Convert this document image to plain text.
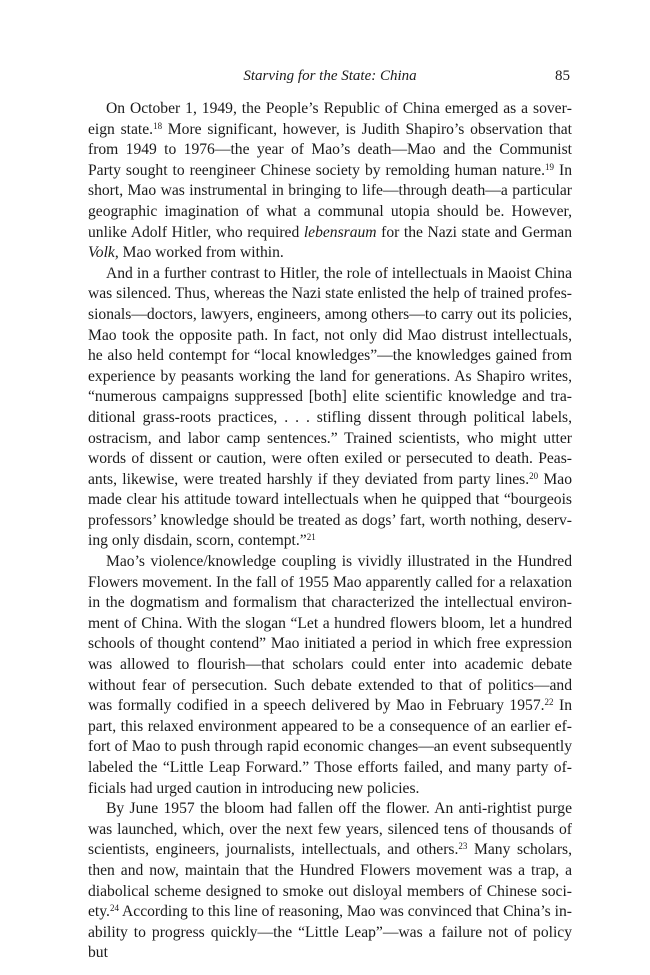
Starving for the State: China	85

On October 1, 1949, the People’s Republic of China emerged as a sovereign state.$^{18}$ More significant, however, is Judith Shapiro’s observation that from 1949 to 1976—the year of Mao’s death—Mao and the Communist Party sought to reengineer Chinese society by remolding human nature.$^{19}$ In short, Mao was instrumental in bringing to life—through death—a particular geographic imagination of what a communal utopia should be. However, unlike Adolf Hitler, who required lebensraum for the Nazi state and German Volk, Mao worked from within.

And in a further contrast to Hitler, the role of intellectuals in Maoist China was silenced. Thus, whereas the Nazi state enlisted the help of trained professionals—doctors, lawyers, engineers, among others—to carry out its policies, Mao took the opposite path. In fact, not only did Mao distrust intellectuals, he also held contempt for “local knowledges”—the knowledges gained from experience by peasants working the land for generations. As Shapiro writes, “numerous campaigns suppressed [both] elite scientific knowledge and traditional grass-roots practices, . . . stifling dissent through political labels, ostracism, and labor camp sentences.” Trained scientists, who might utter words of dissent or caution, were often exiled or persecuted to death. Peasants, likewise, were treated harshly if they deviated from party lines.$^{20}$ Mao made clear his attitude toward intellectuals when he quipped that “bourgeois professors’ knowledge should be treated as dogs’ fart, worth nothing, deserving only disdain, scorn, contempt.”$^{21}$

Mao’s violence/knowledge coupling is vividly illustrated in the Hundred Flowers movement. In the fall of 1955 Mao apparently called for a relaxation in the dogmatism and formalism that characterized the intellectual environment of China. With the slogan “Let a hundred flowers bloom, let a hundred schools of thought contend” Mao initiated a period in which free expression was allowed to flourish—that scholars could enter into academic debate without fear of persecution. Such debate extended to that of politics—and was formally codified in a speech delivered by Mao in February 1957.22 In part, this relaxed environment appeared to be a consequence of an earlier effort of Mao to push through rapid economic changes—an event subsequently labeled the “Little Leap Forward.” Those efforts failed, and many party officials had urged caution in introducing new policies.

By June 1957 the bloom had fallen off the flower. An anti-rightist purge was launched, which, over the next few years, silenced tens of thousands of scientists, engineers, journalists, intellectuals, and others.$^{23}$ Many scholars, then and now, maintain that the Hundred Flowers movement was a trap, a diabolical scheme designed to smoke out disloyal members of Chinese society.$^{24}$ According to this line of reasoning, Mao was convinced that China’s inability to progress quickly—the “Little Leap”—was a failure not of policy but
